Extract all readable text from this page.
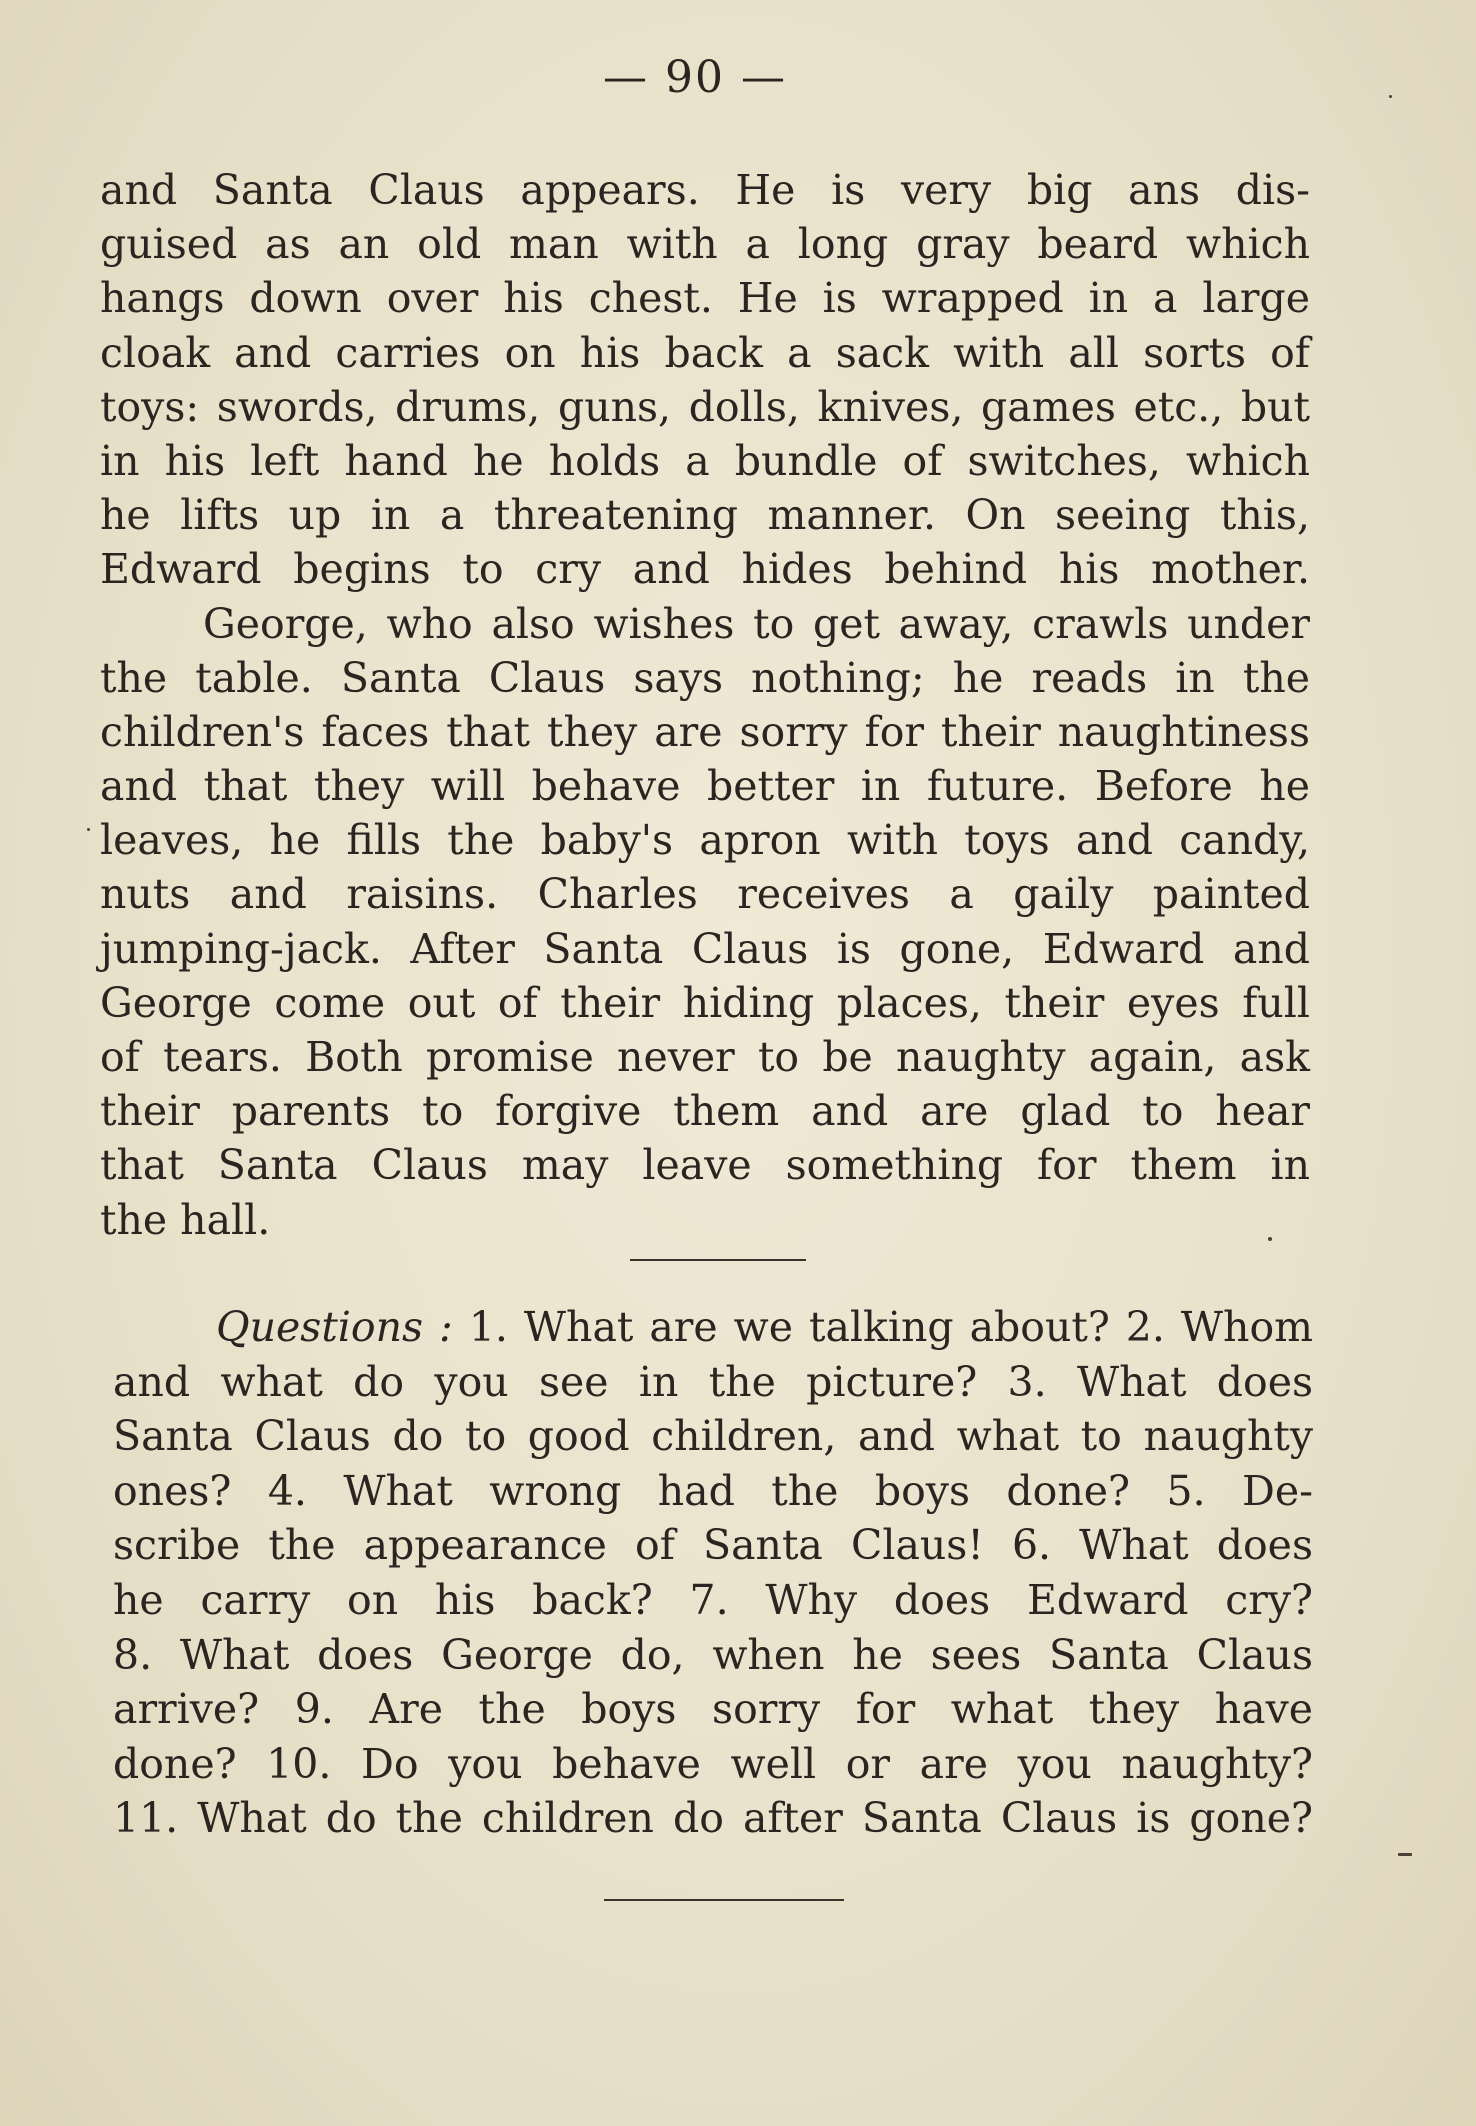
— 90 —
and Santa Claus appears. He is very big ans dis-
guised as an old man with a long gray beard which
hangs down over his chest. He is wrapped in a large
cloak and carries on his back a sack with all sorts of
toys: swords, drums, guns, dolls, knives, games etc., but
in his left hand he holds a bundle of switches, which
he lifts up in a threatening manner. On seeing this,
Edward begins to cry and hides behind his mother.
George, who also wishes to get away, crawls under
the table. Santa Claus says nothing; he reads in the
children's faces that they are sorry for their naughtiness
and that they will behave better in future. Before he
leaves, he fills the baby's apron with toys and candy,
nuts and raisins. Charles receives a gaily painted
jumping-jack. After Santa Claus is gone, Edward and
George come out of their hiding places, their eyes full
of tears. Both promise never to be naughty again, ask
their parents to forgive them and are glad to hear
that Santa Claus may leave something for them in
the hall.
Questions : 1. What are we talking about? 2. Whom
and what do you see in the picture? 3. What does
Santa Claus do to good children, and what to naughty
ones? 4. What wrong had the boys done? 5. De-
scribe the appearance of Santa Claus! 6. What does
he carry on his back? 7. Why does Edward cry?
8. What does George do, when he sees Santa Claus
arrive? 9. Are the boys sorry for what they have
done? 10. Do you behave well or are you naughty?
11. What do the children do after Santa Claus is gone?
